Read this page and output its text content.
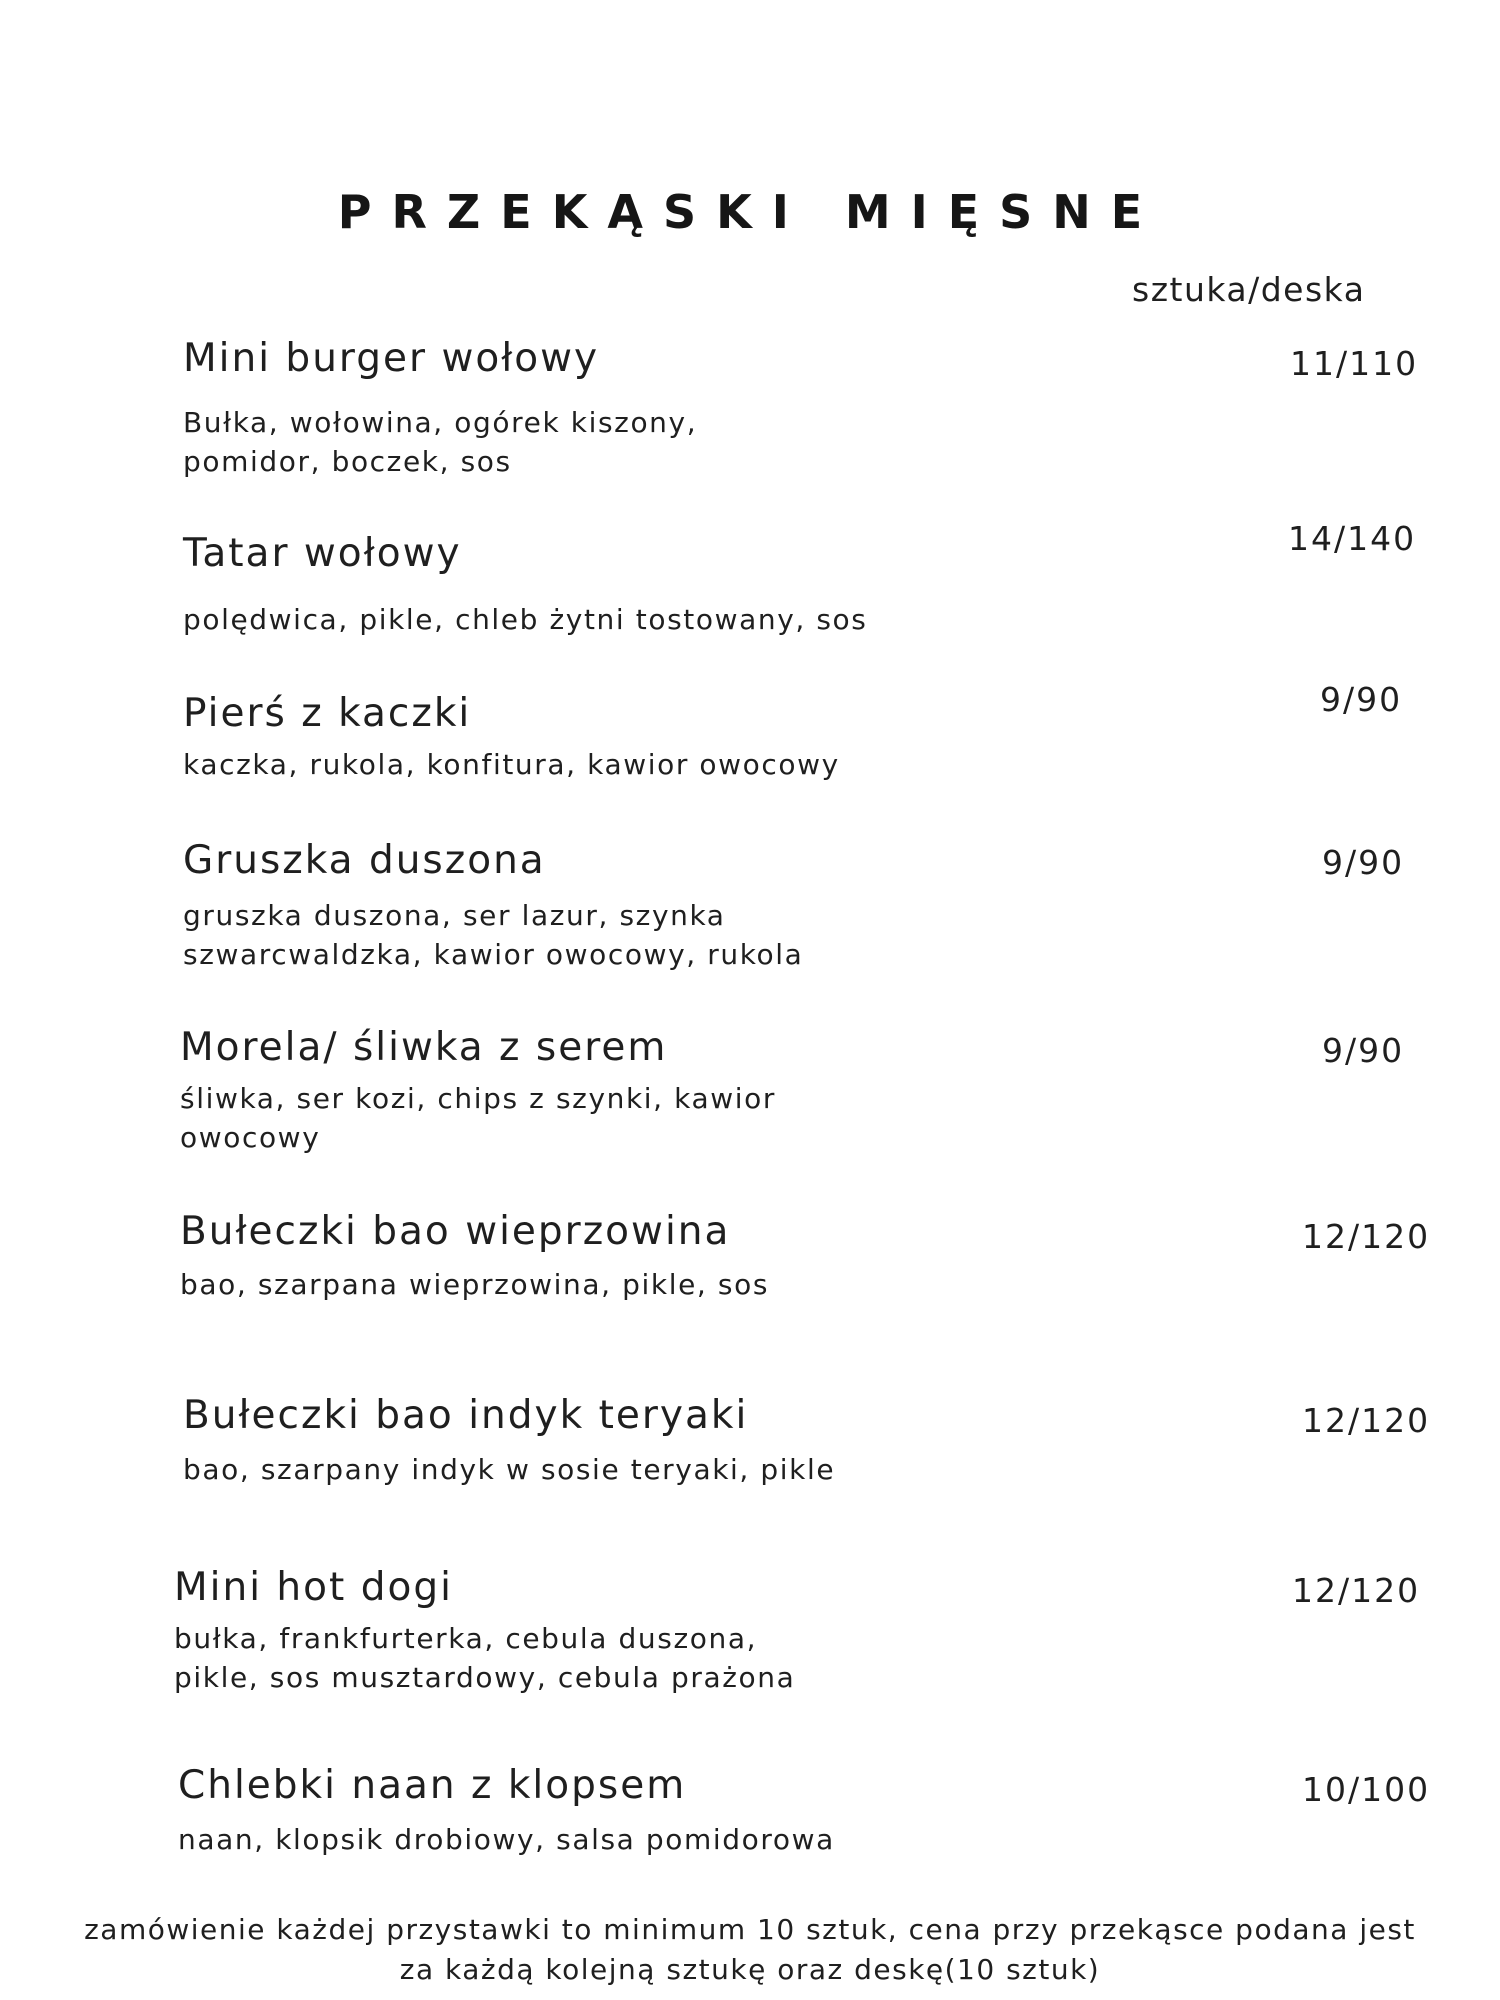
PRZEKĄSKI MIĘSNE
sztuka/deska
Mini burger wołowy	11/110
Bułka, wołowina, ogórek kiszony,
pomidor, boczek, sos
Tatar wołowy	14/140
polędwica, pikle, chleb żytni tostowany, sos
Pierś z kaczki	9/90
kaczka, rukola, konfitura, kawior owocowy
Gruszka duszona	9/90
gruszka duszona, ser lazur, szynka
szwarcwaldzka, kawior owocowy, rukola
Morela/ śliwka z serem	9/90
śliwka, ser kozi, chips z szynki, kawior
owocowy
Bułeczki bao wieprzowina	12/120
bao, szarpana wieprzowina, pikle, sos
Bułeczki bao indyk teryaki	12/120
bao, szarpany indyk w sosie teryaki, pikle
Mini hot dogi	12/120
bułka, frankfurterka, cebula duszona,
pikle, sos musztardowy, cebula prażona
Chlebki naan z klopsem	10/100
naan, klopsik drobiowy, salsa pomidorowa
zamówienie każdej przystawki to minimum 10 sztuk, cena przy przekąsce podana jest
za każdą kolejną sztukę oraz deskę(10 sztuk)
